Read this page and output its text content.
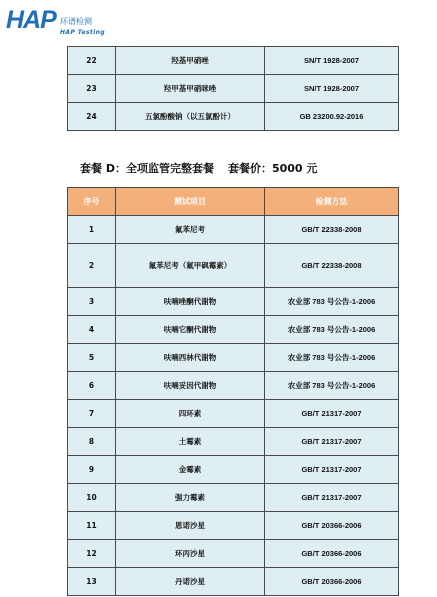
HAP 环谱检测
HAP Testing
22	羟基甲硝唑	SN/T 1928-2007
23	羟甲基甲硝咪唑	SN/T 1928-2007
24	五氯酚酸钠（以五氯酚计）	GB 23200.92-2016
套餐 D：全项监管完整套餐 套餐价：5000 元
序号	测试项目	检测方法
1	氟苯尼考	GB/T 22338-2008
2	氟苯尼考（氟甲砜霉素）	GB/T 22338-2008
3	呋喃唑酮代谢物	农业部 783 号公告-1-2006
4	呋喃它酮代谢物	农业部 783 号公告-1-2006
5	呋喃西林代谢物	农业部 783 号公告-1-2006
6	呋喃妥因代谢物	农业部 783 号公告-1-2006
7	四环素	GB/T 21317-2007
8	土霉素	GB/T 21317-2007
9	金霉素	GB/T 21317-2007
10	强力霉素	GB/T 21317-2007
11	恩诺沙星	GB/T 20366-2006
12	环丙沙星	GB/T 20366-2006
13	丹诺沙星	GB/T 20366-2006
